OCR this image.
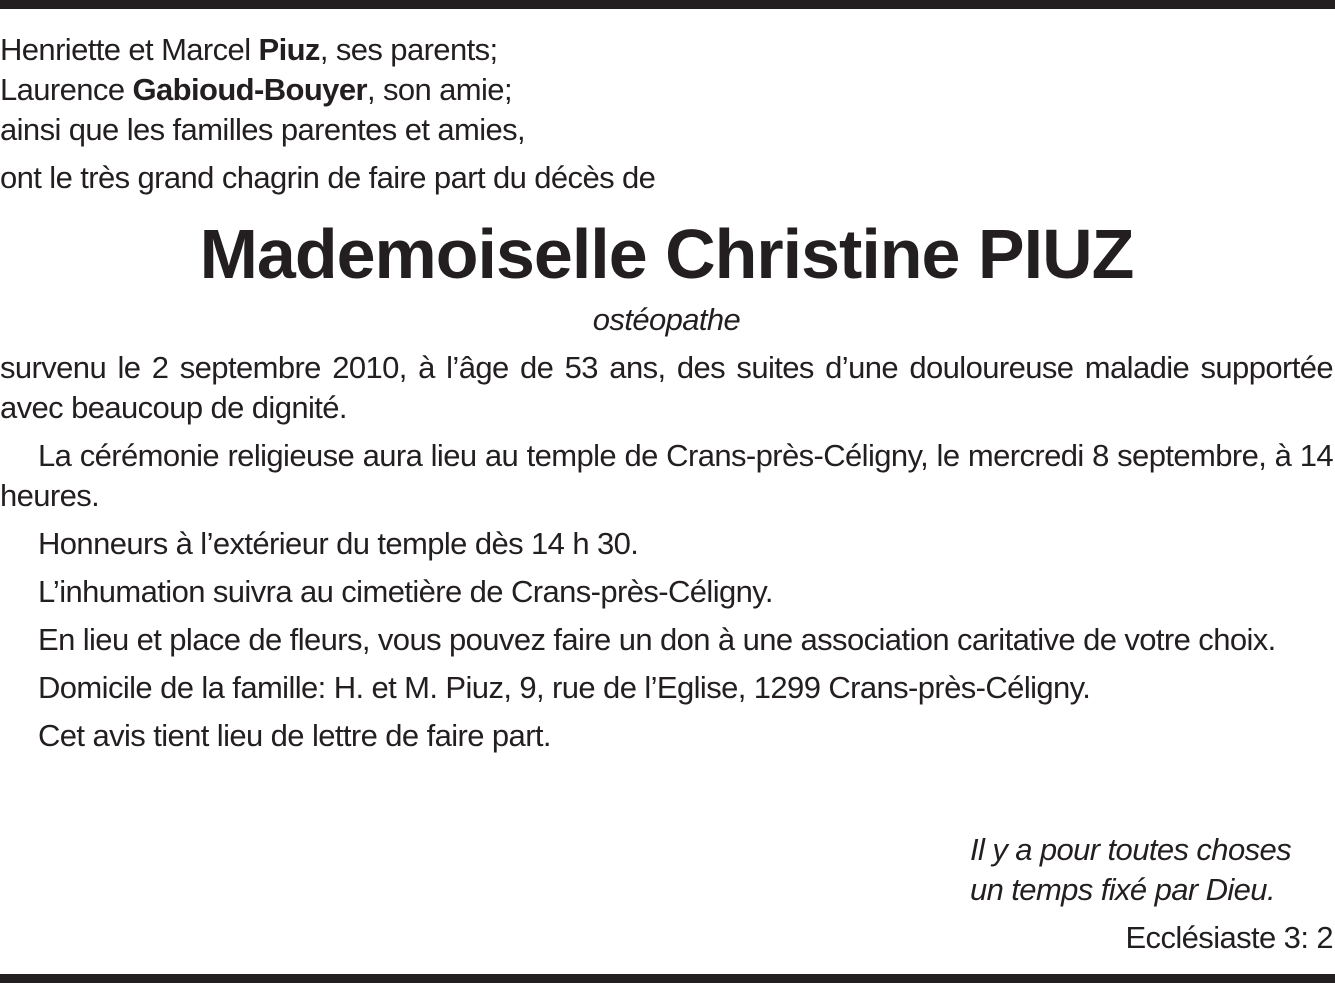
Henriette et Marcel Piuz, ses parents;
Laurence Gabioud-Bouyer, son amie;
ainsi que les familles parentes et amies,
ont le très grand chagrin de faire part du décès de
Mademoiselle Christine PIUZ
ostéopathe
survenu le 2 septembre 2010, à l’âge de 53 ans, des suites d’une douloureuse maladie supportée avec beaucoup de dignité.
La cérémonie religieuse aura lieu au temple de Crans-près-Céligny, le mercredi 8 septembre, à 14 heures.
Honneurs à l’extérieur du temple dès 14 h 30.
L’inhumation suivra au cimetière de Crans-près-Céligny.
En lieu et place de fleurs, vous pouvez faire un don à une association caritative de votre choix.
Domicile de la famille: H. et M. Piuz, 9, rue de l’Eglise, 1299 Crans-près-Céligny.
Cet avis tient lieu de lettre de faire part.
Il y a pour toutes choses
un temps fixé par Dieu.
Ecclésiaste 3: 2
